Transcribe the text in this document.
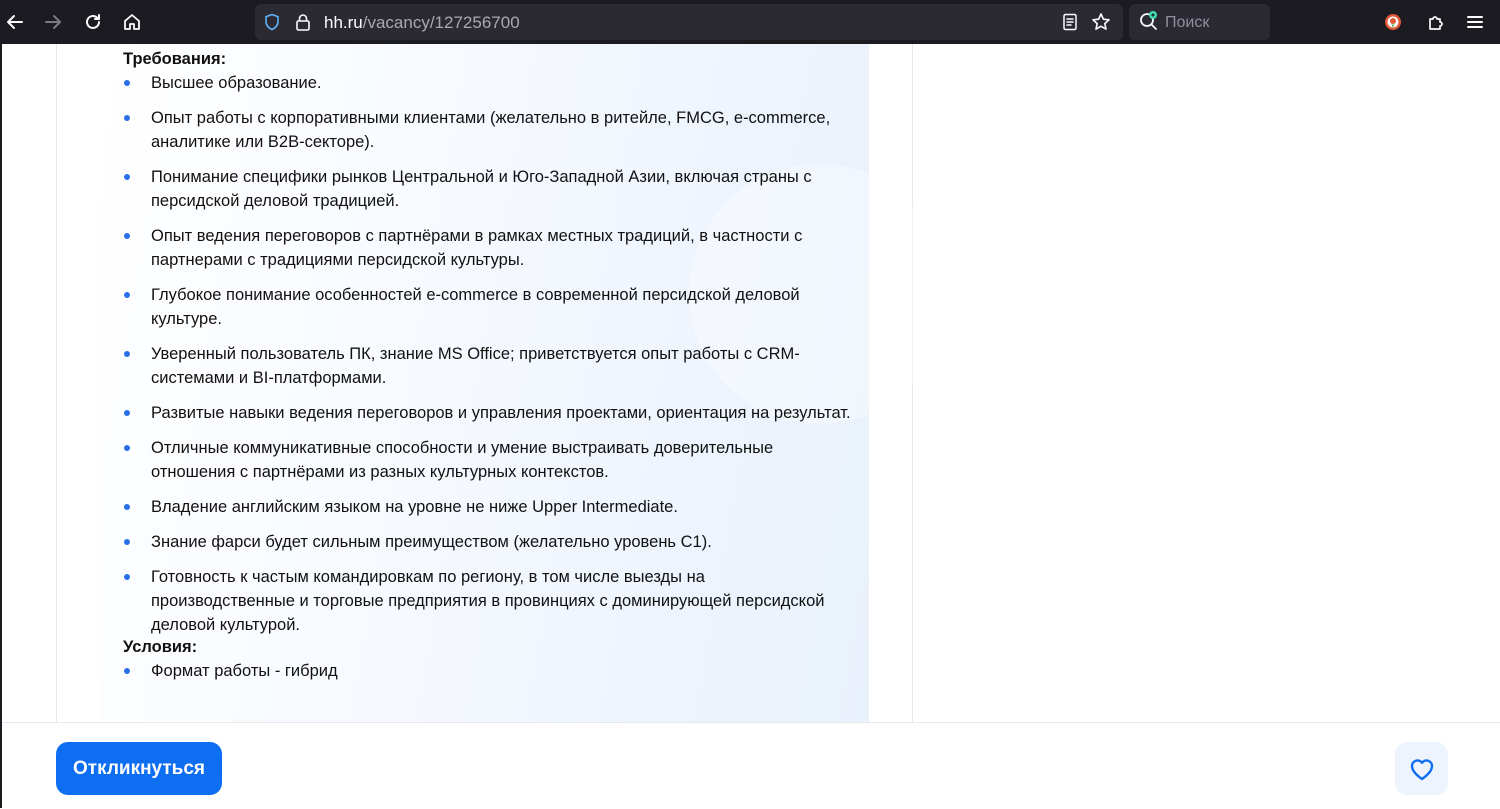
hh.ru/vacancy/127256700	Поиск
Требования:
Высшее образование.
Опыт работы с корпоративными клиентами (желательно в ритейле, FMCG, e-commerce, аналитике или B2B-секторе).
Понимание специфики рынков Центральной и Юго-Западной Азии, включая страны с персидской деловой традицией.
Опыт ведения переговоров с партнёрами в рамках местных традиций, в частности с партнерами с традициями персидской культуры.
Глубокое понимание особенностей e-commerce в современной персидской деловой культуре.
Уверенный пользователь ПК, знание MS Office; приветствуется опыт работы с CRM-системами и BI-платформами.
Развитые навыки ведения переговоров и управления проектами, ориентация на результат.
Отличные коммуникативные способности и умение выстраивать доверительные отношения с партнёрами из разных культурных контекстов.
Владение английским языком на уровне не ниже Upper Intermediate.
Знание фарси будет сильным преимуществом (желательно уровень С1).
Готовность к частым командировкам по региону, в том числе выезды на производственные и торговые предприятия в провинциях с доминирующей персидской деловой культурой.
Условия:
Формат работы - гибрид
Откликнуться
